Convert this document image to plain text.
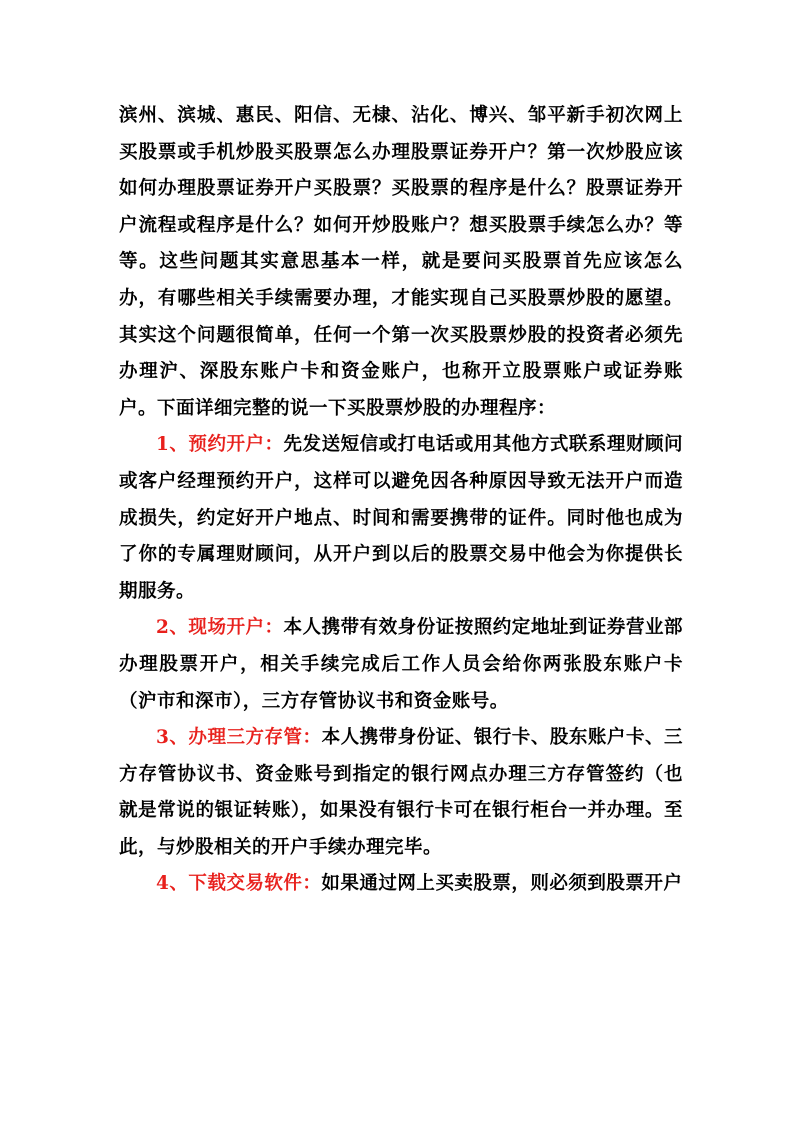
滨州、滨城、惠民、阳信、无棣、沾化、博兴、邹平新手初次网上买股票或手机炒股买股票怎么办理股票证券开户？第一次炒股应该如何办理股票证券开户买股票？买股票的程序是什么？股票证券开户流程或程序是什么？如何开炒股账户？想买股票手续怎么办？等等。这些问题其实意思基本一样，就是要问买股票首先应该怎么办，有哪些相关手续需要办理，才能实现自己买股票炒股的愿望。其实这个问题很简单，任何一个第一次买股票炒股的投资者必须先办理沪、深股东账户卡和资金账户，也称开立股票账户或证券账户。下面详细完整的说一下买股票炒股的办理程序：

1、预约开户：先发送短信或打电话或用其他方式联系理财顾问或客户经理预约开户，这样可以避免因各种原因导致无法开户而造成损失，约定好开户地点、时间和需要携带的证件。同时他也成为了你的专属理财顾问，从开户到以后的股票交易中他会为你提供长期服务。

2、现场开户：本人携带有效身份证按照约定地址到证券营业部办理股票开户，相关手续完成后工作人员会给你两张股东账户卡（沪市和深市），三方存管协议书和资金账号。

3、办理三方存管：本人携带身份证、银行卡、股东账户卡、三方存管协议书、资金账号到指定的银行网点办理三方存管签约（也就是常说的银证转账），如果没有银行卡可在银行柜台一并办理。至此，与炒股相关的开户手续办理完毕。

4、下载交易软件：如果通过网上买卖股票，则必须到股票开户
